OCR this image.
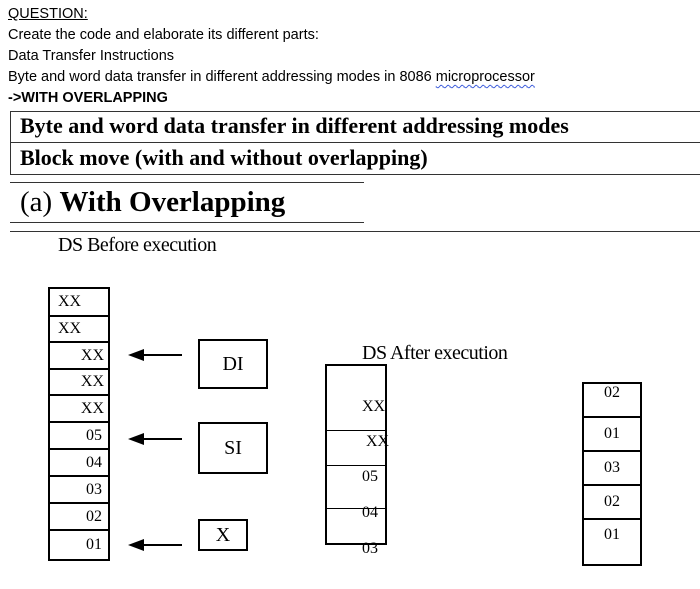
QUESTION:
Create the code and elaborate its different parts:
Data Transfer Instructions
Byte and word data transfer in different addressing modes in 8086 microprocessor
->WITH OVERLAPPING
Byte and word data transfer in different addressing modes
Block move (with and without overlapping)
(a) With Overlapping
DS Before execution
XX
XX
XX
XX
XX
05
04
03
02
01
DI
SI
X
DS After execution
XX
XX
05
04
03
02
01
03
02
01
